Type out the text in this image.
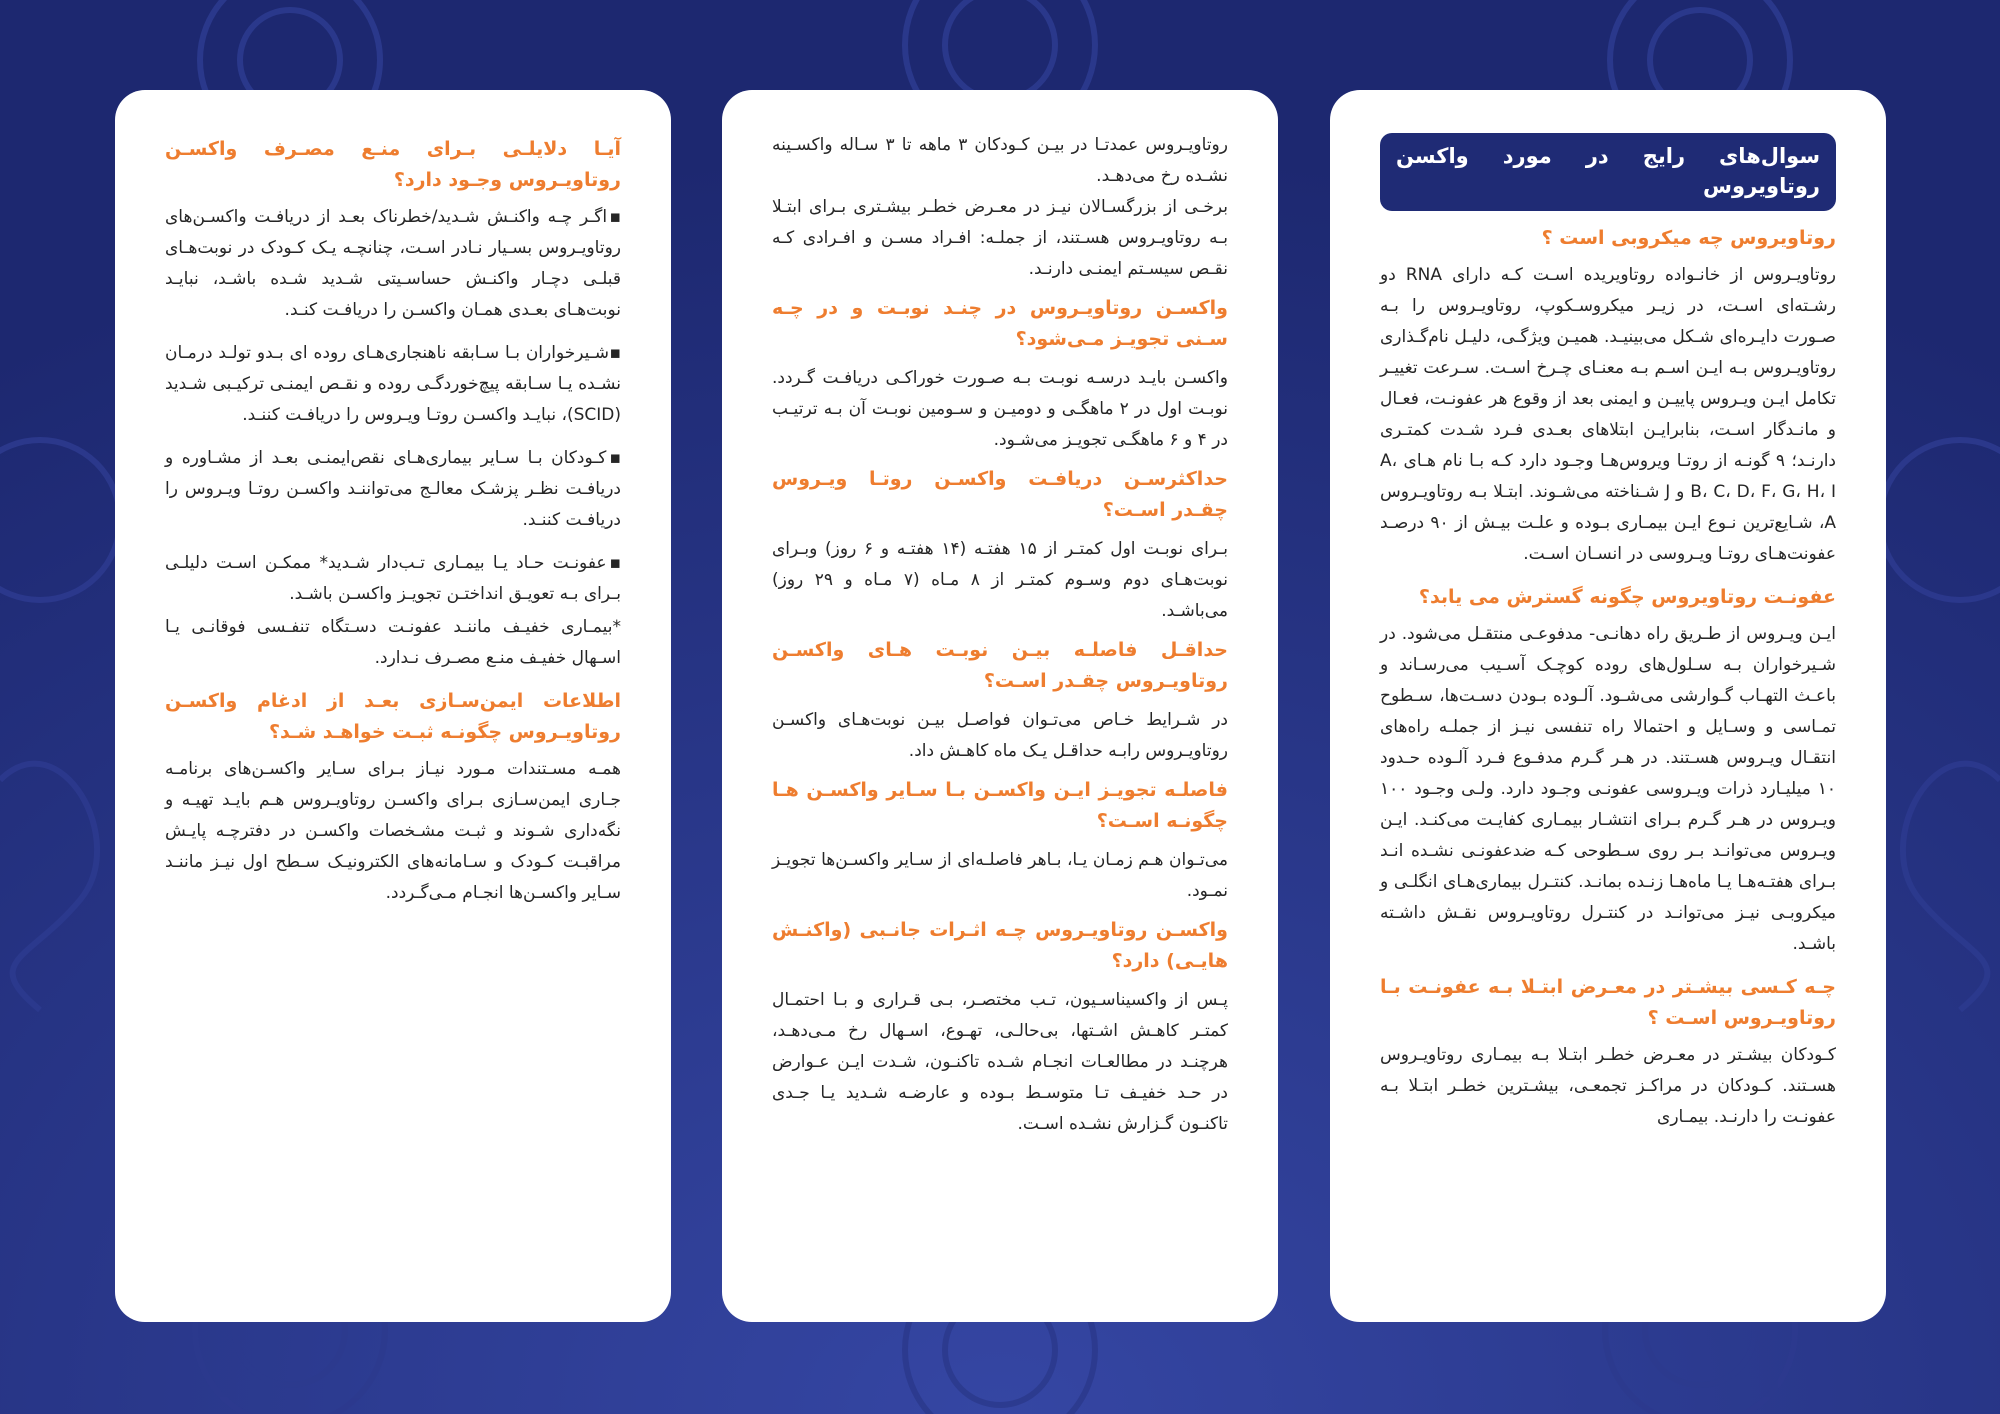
سوال‌های رایج در مورد واکسن روتاویروس
روتاویروس چه میکروبی است ؟
روتاویـروس از خانـواده روتاویریده اسـت کـه دارای RNA دو رشـته‌ای اسـت، در زیـر میکروسـکوپ، روتاویـروس را بـه صـورت دایـره‌ای شـکل می‌بینیـد. همیـن ویژگـی، دلیـل نام‌گـذاری روتاویـروس بـه ایـن اسـم بـه معنـای چـرخ اسـت. سـرعت تغییـر تکامل ایـن ویـروس پاییـن و ایمنی بعد از وقوع هر عفونـت، فعـال و مانـدگار اسـت، بنابرایـن ابتلاهای بعـدی فـرد شـدت کمتـری دارنـد؛ ۹ گونـه از روتـا ویروس‌هـا وجـود دارد کـه بـا نام هـای A، B، C، D، F، G، H، I و J شـناخته می‌شـوند. ابتـلا بـه روتاویـروس A، شـایع‌ترین نـوع ایـن بیمـاری بـوده و علـت بیـش از ۹۰ درصـد عفونت‌هـای روتـا ویـروسی در انسـان اسـت.
عفونـت روتاویروس چگونه گسترش می یابد؟
ایـن ویـروس از طـریق راه دهانـی- مدفوعـی منتقـل می‌شود. در شـیرخواران بـه سـلول‌های روده کوچـک آسـیب می‌رسـاند و باعـث التهـاب گـوارشی می‌شـود. آلـوده بـودن دسـت‌ها، سـطوح تمـاسی و وسـایل و احتمالا راه تنفسی نیـز از جملـه راه‌های انتقـال ویـروس هسـتند. در هـر گـرم مدفـوع فـرد آلـوده حـدود ۱۰ میلیـارد ذرات ویـروسی عفونـی وجـود دارد. ولـی وجـود ۱۰۰ ویـروس در هـر گـرم بـرای انتشـار بیمـاری کفایـت می‌کنـد. ایـن ویـروس می‌توانـد بـر روی سـطوحی کـه ضدعفونـی نشـده انـد بـرای هفتـه‌هـا یـا ماه‌هـا زنـده بمانـد. کنتـرل بیماری‌هـای انگلـی و میکروبـی نیـز می‌توانـد در کنتـرل روتاویـروس نقـش داشـته باشـد.
چـه کـسی بیشـتر در معـرض ابتـلا بـه عفونـت بـا روتاویـروس اسـت ؟
کـودکان بیشـتر در معـرض خطـر ابتـلا بـه بیمـاری روتاویـروس هسـتند. کـودکان در مراکـز تجمعـی، بیشـترین خطـر ابتـلا بـه عفونـت را دارنـد. بیمـاری
روتاویـروس عمدتـا در بیـن کـودکان ۳ ماهه تا ۳ سـاله واکسـینه نشـده رخ می‌دهـد.
برخـی از بزرگسـالان نیـز در معـرض خطـر بیشـتری بـرای ابتـلا بـه روتاویـروس هسـتند، از جملـه: افـراد مسـن و افـرادی کـه نقـص سیسـتم ایمنـی دارنـد.
واکسـن روتاویـروس در چنـد نوبـت و در چـه سـنی تجویـز مـی‌شود؟
واکسـن بایـد درسـه نوبـت بـه صـورت خوراکـی دریافـت گـردد. نوبـت اول در ۲ ماهگـی و دومیـن و سـومین نوبـت آن بـه ترتیـب در ۴ و ۶ ماهگـی تجویـز می‌شـود.
حداکثرسـن دریافـت واکسـن روتـا ویـروس چقـدر اسـت؟
بـرای نوبـت اول کمتـر از ۱۵ هفتـه (۱۴ هفتـه و ۶ روز) وبـرای نوبت‌هـای دوم وسـوم کمتـر از ۸ مـاه (۷ مـاه و ۲۹ روز) می‌باشـد.
حداقـل فاصلـه بیـن نوبـت هـای واکسـن روتاویـروس چقـدر اسـت؟
در شـرایط خـاص می‌تـوان فواصـل بیـن نوبت‌هـای واکسـن روتاویـروس رابـه حداقـل یـک ماه کاهـش داد.
فاصلـه تجویـز ایـن واکسـن بـا سـایر واکسـن هـا چگونـه اسـت؟
می‌تـوان هـم زمـان یـا، بـاهر فاصلـه‌ای از سـایر واکسـن‌ها تجویـز نمـود.
واکسـن روتاویـروس چـه اثـرات جانـبی (واکنـش هایـی) دارد؟
پـس از واکسیناسـیون، تـب مختصـر، بـی قـراری و بـا احتمـال کمتـر کاهـش اشـتها، بی‌حالـی، تهـوع، اسـهال رخ مـی‌دهـد، هرچنـد در مطالعـات انجـام شـده تاکنـون، شـدت ایـن عـوارض در حـد خفیـف تـا متوسـط بـوده و عارضـه شـدید یـا جـدی تاکنـون گـزارش نشـده اسـت.
آیـا دلایلـی بـرای منـع مصـرف واکسـن روتاویـروس وجـود دارد؟
▪اگـر چـه واکنـش شـدید/خطرناک بعـد از دریافـت واکسـن‌های روتاویـروس بسـیار نـادر اسـت، چنانچـه یـک کـودک در نوبت‌هـای قبلـی دچـار واکنـش حساسـیتی شـدید شـده باشـد، نبایـد نوبت‌هـای بعـدی همـان واکسـن را دریافـت کنـد.
▪شـیرخواران بـا سـابقه ناهنجاری‌هـای روده ای بـدو تولـد درمـان نشـده یـا سـابقه پیچ‌خوردگـی روده و نقـص ایمنـی ترکیـبی شـدید (SCID)، نبایـد واکسـن روتـا ویـروس را دریافـت کننـد.
▪کـودکان بـا سـایر بیماری‌هـای نقص‌ایمنـی بعـد از مشـاوره و دریافـت نظـر پزشـک معالـج می‌تواننـد واکسـن روتـا ویـروس را دریافـت کننـد.
▪عفونـت حـاد یـا بیمـاری تـب‌دار شـدید* ممکـن اسـت دلیلـی بـرای بـه تعویـق انداختـن تجویـز واکسـن باشـد.
*بیمـاری خفیـف ماننـد عفونـت دسـتگاه تنفـسی فوقانـی یـا اسـهال خفیـف منـع مصـرف نـدارد.
اطلاعات ایمن‌سـازی بعـد از ادغام واکسـن روتاویـروس چگونـه ثبـت خواهـد شـد؟
همـه مسـتندات مـورد نیـاز بـرای سـایر واکسـن‌های برنامـه جـاری ایمن‌سـازی بـرای واکسـن روتاویـروس هـم بایـد تهیـه و نگه‌داری شـوند و ثبـت مشـخصات واکسـن در دفترچـه پایـش مراقبـت کـودک و سـامانه‌های الکترونیـک سـطح اول نیـز ماننـد سـایر واکسـن‌ها انجـام مـی‌گـردد.
